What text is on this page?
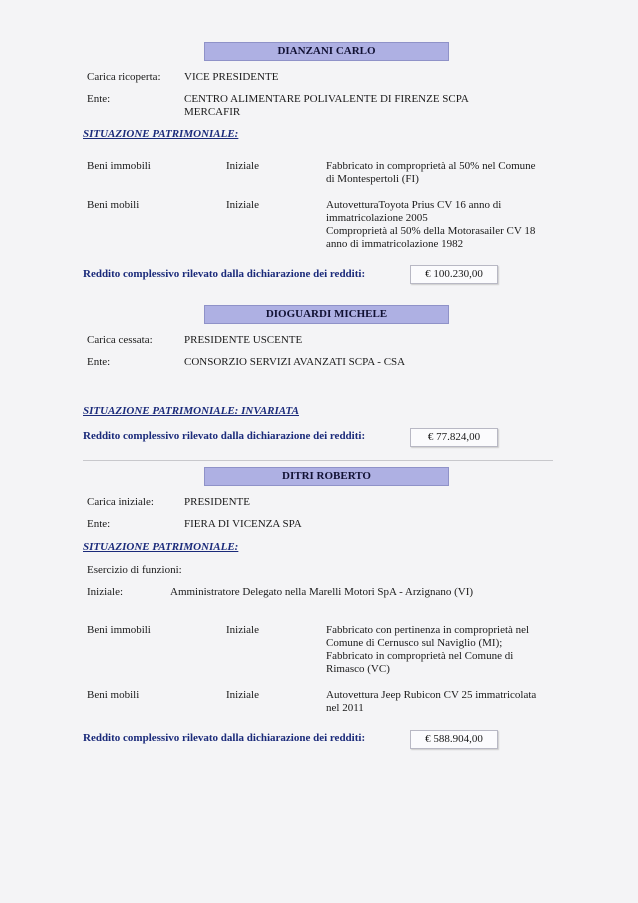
DIANZANI CARLO
Carica ricoperta: VICE PRESIDENTE
Ente:	CENTRO ALIMENTARE POLIVALENTE DI FIRENZE SCPA
MERCAFIR
SITUAZIONE PATRIMONIALE:
Beni immobili	Iniziale	Fabbricato in comproprietà al 50% nel Comune
di Montespertoli (FI)
Beni mobili	Iniziale	AutovetturaToyota Prius CV 16 anno di
immatricolazione 2005
Comproprietà al 50% della Motorasailer CV 18
anno di immatricolazione 1982
Reddito complessivo rilevato dalla dichiarazione dei redditi:	€ 100.230,00
DIOGUARDI MICHELE
Carica cessata:	PRESIDENTE USCENTE
Ente:	CONSORZIO SERVIZI AVANZATI SCPA - CSA
SITUAZIONE PATRIMONIALE: INVARIATA
Reddito complessivo rilevato dalla dichiarazione dei redditi:	€ 77.824,00
DITRI ROBERTO
Carica iniziale:	PRESIDENTE
Ente:	FIERA DI VICENZA SPA
SITUAZIONE PATRIMONIALE:
Esercizio di funzioni:
Iniziale:	Amministratore Delegato nella Marelli Motori SpA - Arzignano (VI)
Beni immobili	Iniziale	Fabbricato con pertinenza in comproprietà nel
Comune di Cernusco sul Naviglio (MI);
Fabbricato in comproprietà nel Comune di
Rimasco (VC)
Beni mobili	Iniziale	Autovettura Jeep Rubicon CV 25 immatricolata
nel 2011
Reddito complessivo rilevato dalla dichiarazione dei redditi:	€ 588.904,00
